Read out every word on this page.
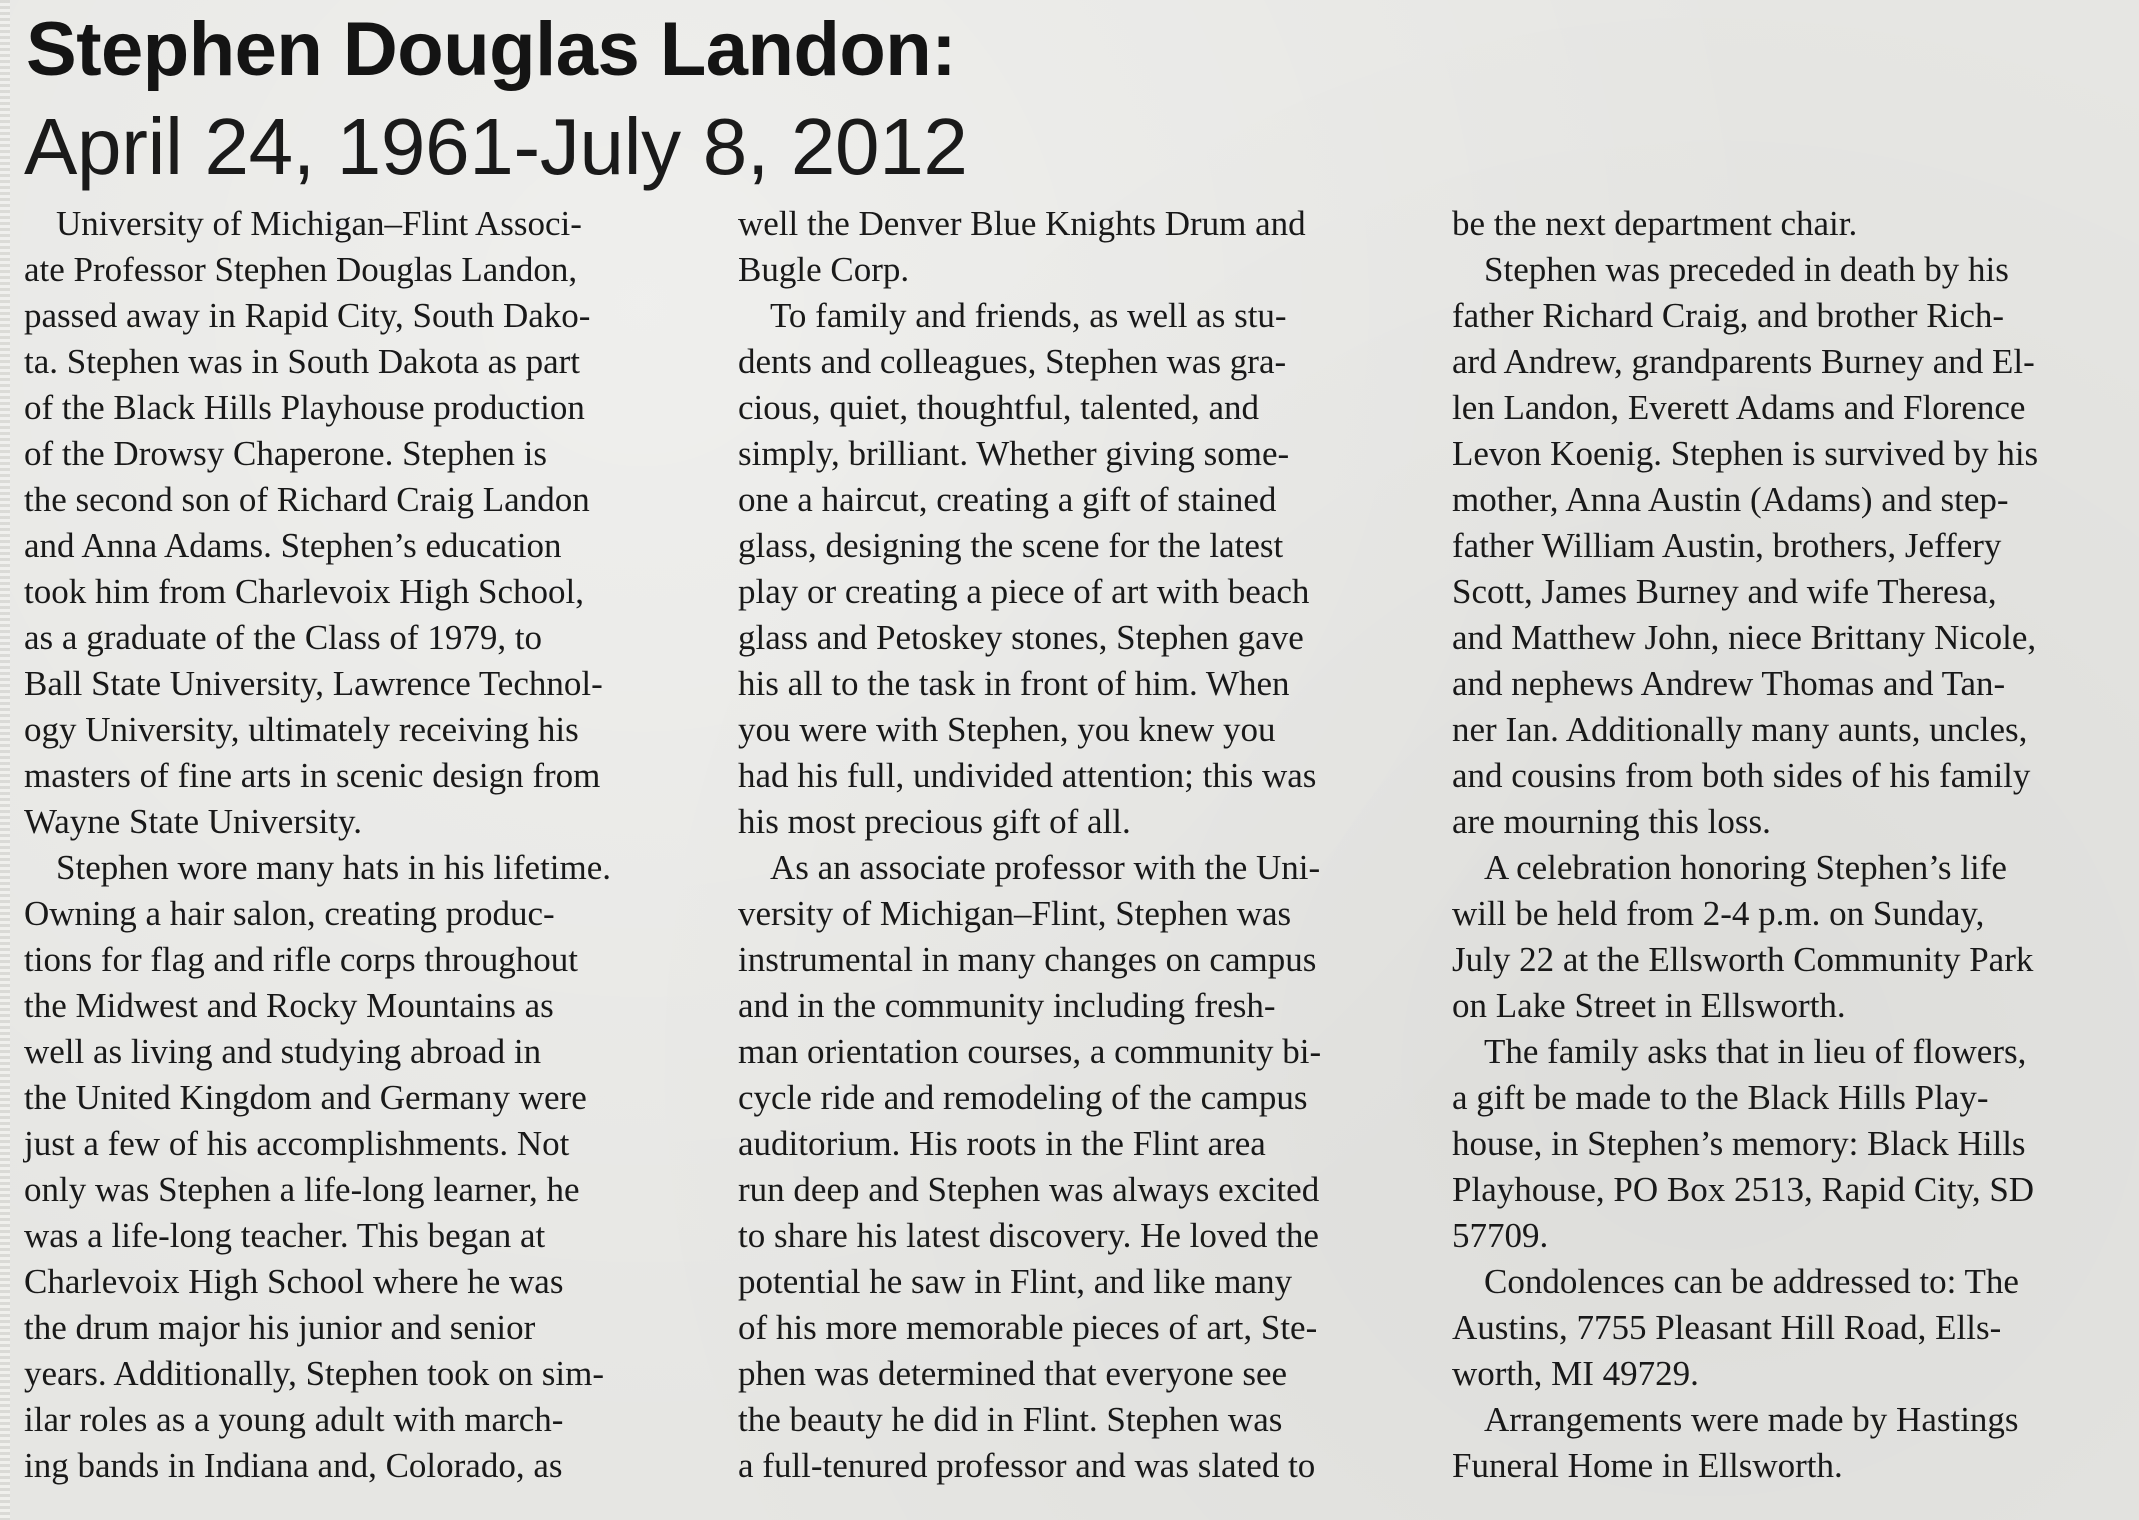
Stephen Douglas Landon:
April 24, 1961-July 8, 2012
University of Michigan–Flint Associ-
ate Professor Stephen Douglas Landon,
passed away in Rapid City, South Dako-
ta. Stephen was in South Dakota as part
of the Black Hills Playhouse production
of the Drowsy Chaperone. Stephen is
the second son of Richard Craig Landon
and Anna Adams. Stephen’s education
took him from Charlevoix High School,
as a graduate of the Class of 1979, to
Ball State University, Lawrence Technol-
ogy University, ultimately receiving his
masters of fine arts in scenic design from
Wayne State University.
Stephen wore many hats in his lifetime.
Owning a hair salon, creating produc-
tions for flag and rifle corps throughout
the Midwest and Rocky Mountains as
well as living and studying abroad in
the United Kingdom and Germany were
just a few of his accomplishments. Not
only was Stephen a life-long learner, he
was a life-long teacher. This began at
Charlevoix High School where he was
the drum major his junior and senior
years. Additionally, Stephen took on sim-
ilar roles as a young adult with march-
ing bands in Indiana and, Colorado, as
well the Denver Blue Knights Drum and
Bugle Corp.
To family and friends, as well as stu-
dents and colleagues, Stephen was gra-
cious, quiet, thoughtful, talented, and
simply, brilliant. Whether giving some-
one a haircut, creating a gift of stained
glass, designing the scene for the latest
play or creating a piece of art with beach
glass and Petoskey stones, Stephen gave
his all to the task in front of him. When
you were with Stephen, you knew you
had his full, undivided attention; this was
his most precious gift of all.
As an associate professor with the Uni-
versity of Michigan–Flint, Stephen was
instrumental in many changes on campus
and in the community including fresh-
man orientation courses, a community bi-
cycle ride and remodeling of the campus
auditorium. His roots in the Flint area
run deep and Stephen was always excited
to share his latest discovery. He loved the
potential he saw in Flint, and like many
of his more memorable pieces of art, Ste-
phen was determined that everyone see
the beauty he did in Flint. Stephen was
a full-tenured professor and was slated to
be the next department chair.
Stephen was preceded in death by his
father Richard Craig, and brother Rich-
ard Andrew, grandparents Burney and El-
len Landon, Everett Adams and Florence
Levon Koenig. Stephen is survived by his
mother, Anna Austin (Adams) and step-
father William Austin, brothers, Jeffery
Scott, James Burney and wife Theresa,
and Matthew John, niece Brittany Nicole,
and nephews Andrew Thomas and Tan-
ner Ian. Additionally many aunts, uncles,
and cousins from both sides of his family
are mourning this loss.
A celebration honoring Stephen’s life
will be held from 2-4 p.m. on Sunday,
July 22 at the Ellsworth Community Park
on Lake Street in Ellsworth.
The family asks that in lieu of flowers,
a gift be made to the Black Hills Play-
house, in Stephen’s memory: Black Hills
Playhouse, PO Box 2513, Rapid City, SD
57709.
Condolences can be addressed to: The
Austins, 7755 Pleasant Hill Road, Ells-
worth, MI 49729.
Arrangements were made by Hastings
Funeral Home in Ellsworth.
